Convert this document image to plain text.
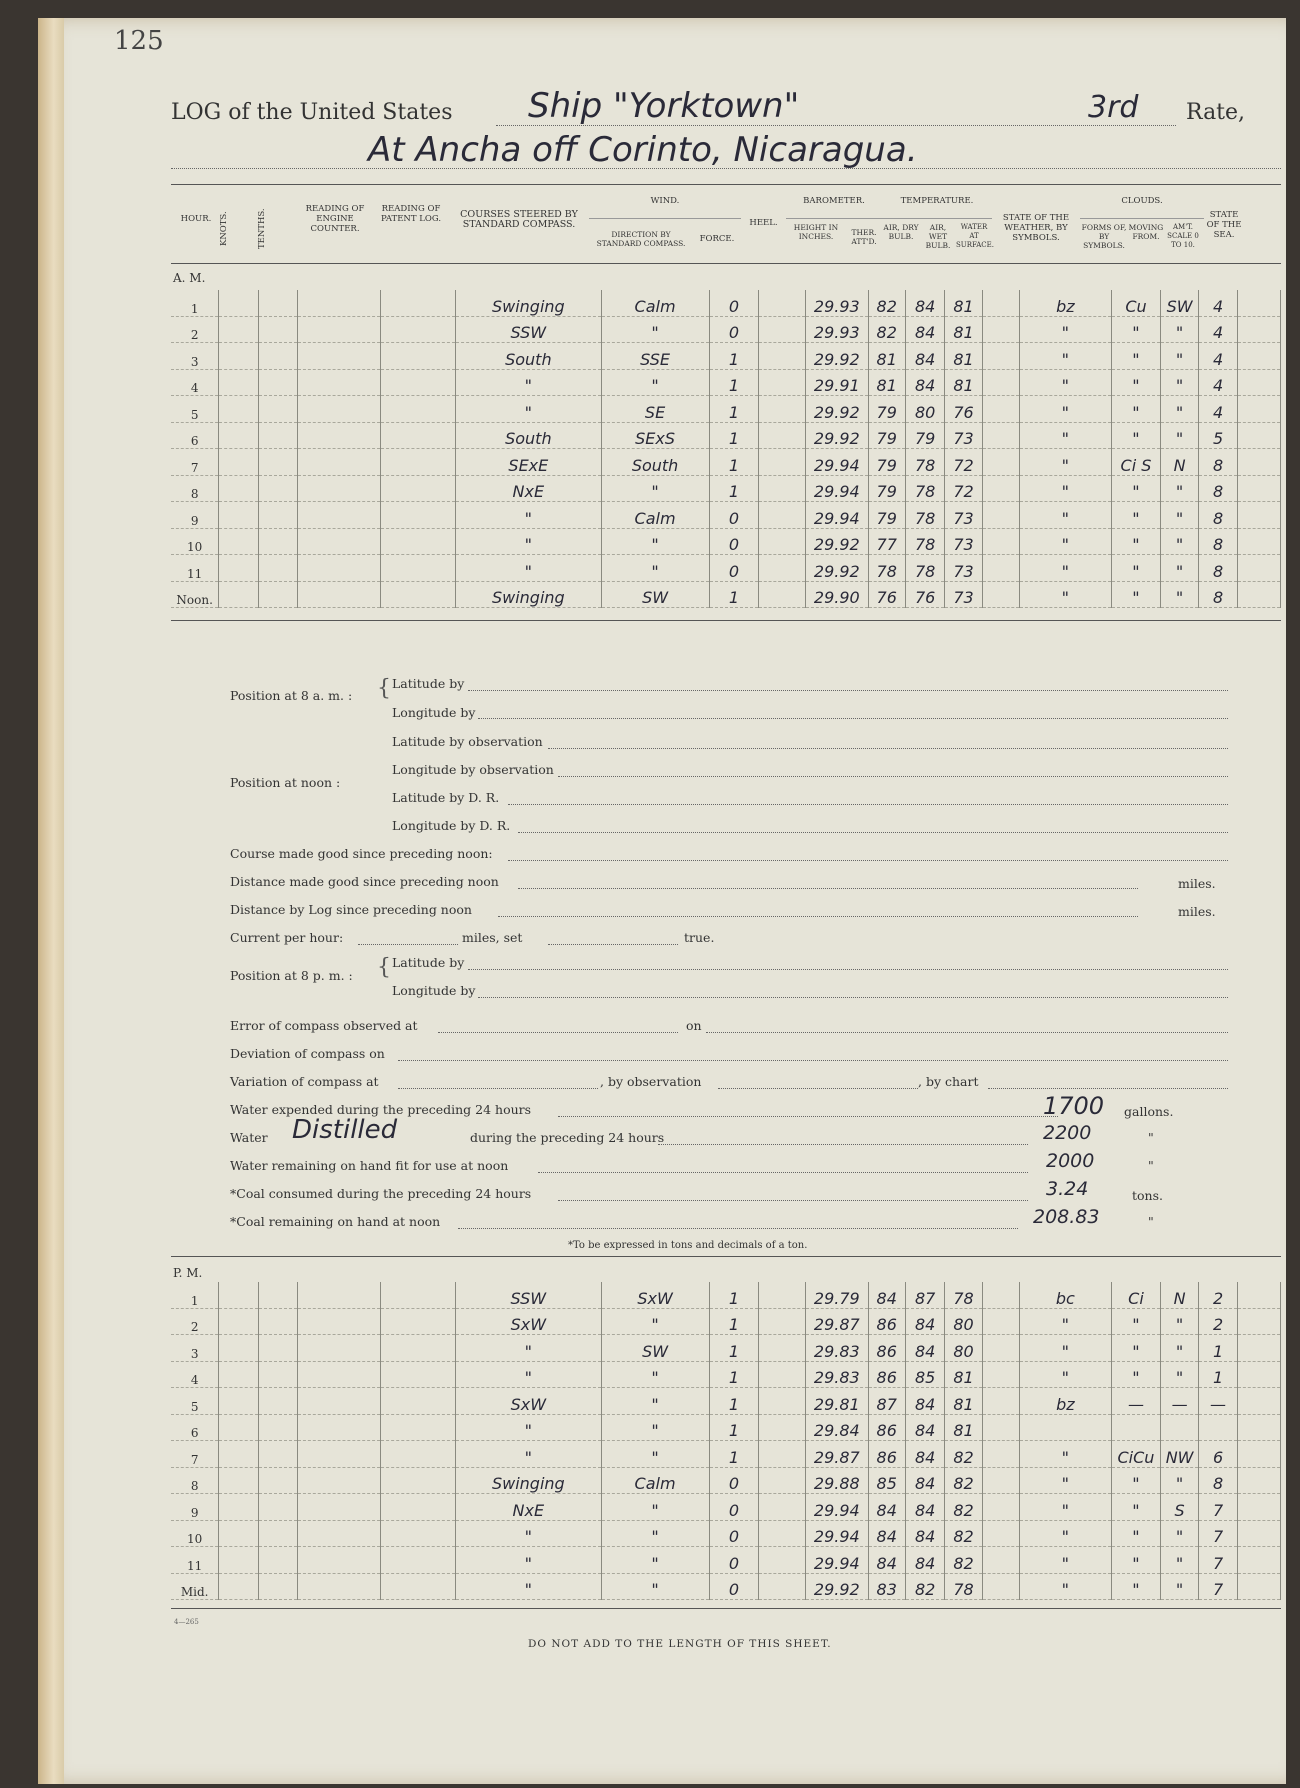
125
LOG of the United States Ship "Yorktown"	3rd Rate,
At Ancha off Corinto, Nicaragua.
HOUR. KNOTS.	TENTHS.	READING OF ENGINE COUNTER.
READING OF PATENT LOG.	COURSES STEERED BY STANDARD COMPASS.
WIND.
DIRECTION BY STANDARD COMPASS.	FORCE.
HEEL.
BAROMETER.
HEIGHT IN INCHES.	THER. ATT'D.
TEMPERATURE.
AIR, DRY BULB.
AIR, WET BULB.
WATER AT SURFACE.
STATE OF THE WEATHER, BY SYMBOLS.
CLOUDS.
FORMS OF, BY SYMBOLS.
MOVING FROM.
AM'T. SCALE 0 TO 10.
STATE OF THE SEA.
A. M.
1					Swinging	Calm	0		29.93	82	84	81		bz	Cu	SW	4	
2					SSW	"	0		29.93	82	84	81		"	"	"	4	
3					South	SSE	1		29.92	81	84	81		"	"	"	4	
4					"	"	1		29.91	81	84	81		"	"	"	4	
5					"	SE	1		29.92	79	80	76		"	"	"	4	
6					South	SExS	1		29.92	79	79	73		"	"	"	5	
7					SExE	South	1		29.94	79	78	72		"	Ci S	N	8	
8					NxE	"	1		29.94	79	78	72		"	"	"	8	
9					"	Calm	0		29.94	79	78	73		"	"	"	8	
10					"	"	0		29.92	77	78	73		"	"	"	8	
11					"	"	0		29.92	78	78	73		"	"	"	8	
Noon.					Swinging	SW	1		29.90	76	76	73		"	"	"	8	
Position at 8 a. m. : { Latitude by
Longitude by
Position at noon :
Latitude by observation
Longitude by observation
Latitude by D. R.
Longitude by D. R.
Course made good since preceding noon:
Distance made good since preceding noon	miles.
Distance by Log since preceding noon	miles.
Current per hour:	miles, set	true.
Position at 8 p. m. : { Latitude by
Longitude by
Error of compass observed at	on
Deviation of compass on
Variation of compass at	, by observation	, by chart
Water expended during the preceding 24 hours	1700 gallons.
Water Distilled	during the preceding 24 hours	2200	"
Water remaining on hand fit for use at noon	2000	"
*Coal consumed during the preceding 24 hours	3.24	tons.
*Coal remaining on hand at noon	208.83	"
*To be expressed in tons and decimals of a ton.
P. M.
1					SSW	SxW	1		29.79	84	87	78		bc	Ci	N	2	
2					SxW	"	1		29.87	86	84	80		"	"	"	2	
3					"	SW	1		29.83	86	84	80		"	"	"	1	
4					"	"	1		29.83	86	85	81		"	"	"	1	
5					SxW	"	1		29.81	87	84	81		bz	—	—	—	
6					"	"	1		29.84	86	84	81						
7					"	"	1		29.87	86	84	82		"	CiCu	NW	6	
8					Swinging	Calm	0		29.88	85	84	82		"	"	"	8	
9					NxE	"	0		29.94	84	84	82		"	"	S	7	
10					"	"	0		29.94	84	84	82		"	"	"	7	
11					"	"	0		29.94	84	84	82		"	"	"	7	
Mid.					"	"	0		29.92	83	82	78		"	"	"	7	
4—265
DO NOT ADD TO THE LENGTH OF THIS SHEET.
